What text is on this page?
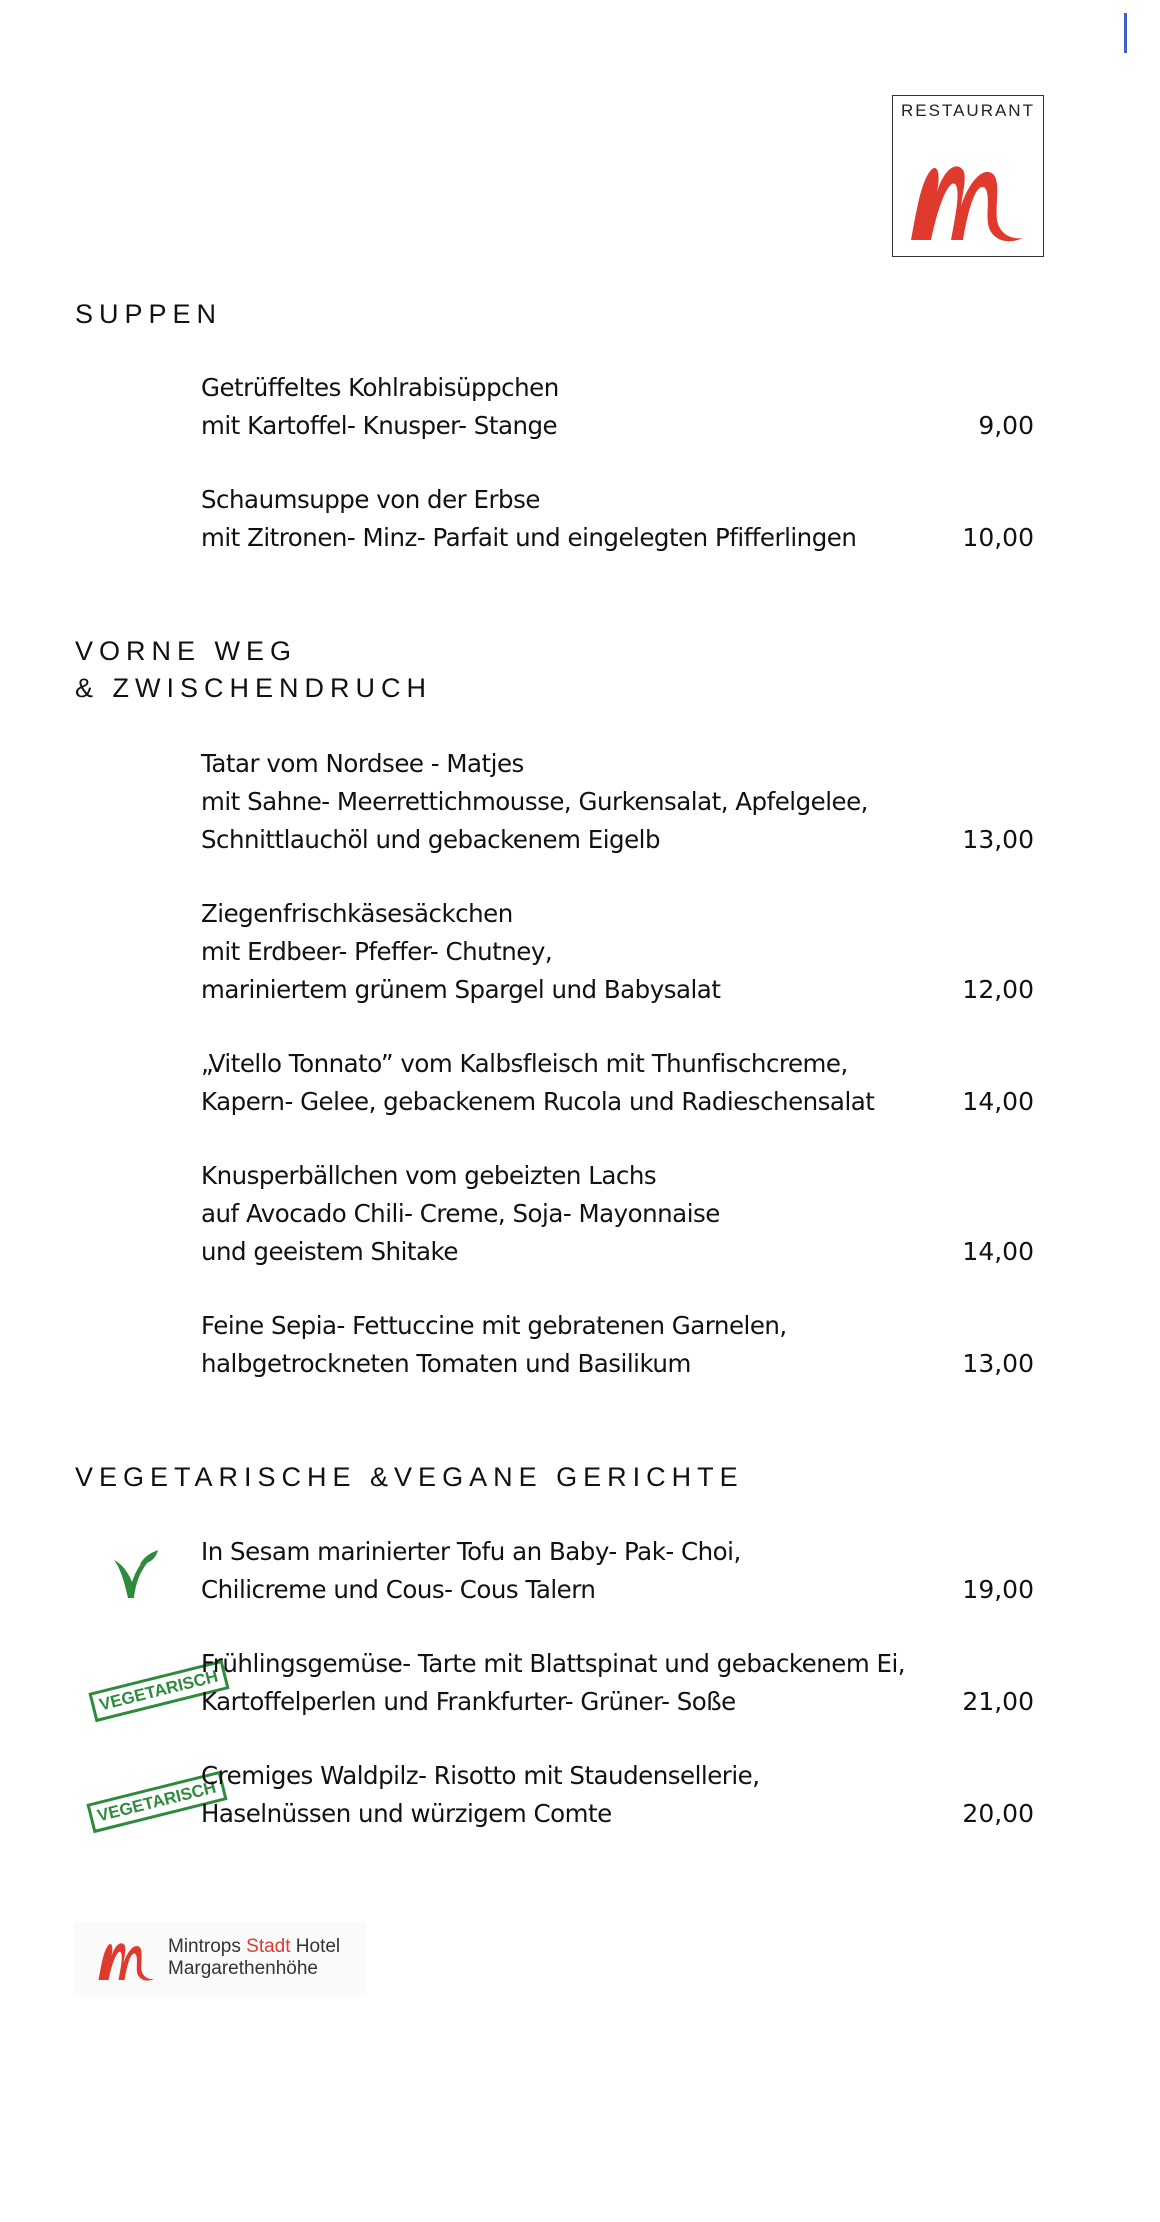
RESTAURANT
SUPPEN
Getrüffeltes Kohlrabisüppchen
mit Kartoffel- Knusper- Stange	9,00
Schaumsuppe von der Erbse
mit Zitronen- Minz- Parfait und eingelegten Pfifferlingen	10,00
VORNE WEG
& ZWISCHENDRUCH
Tatar vom Nordsee - Matjes
mit Sahne- Meerrettichmousse, Gurkensalat, Apfelgelee,
Schnittlauchöl und gebackenem Eigelb	13,00
Ziegenfrischkäsesäckchen
mit Erdbeer- Pfeffer- Chutney,
mariniertem grünem Spargel und Babysalat	12,00
„Vitello Tonnato” vom Kalbsfleisch mit Thunfischcreme,
Kapern- Gelee, gebackenem Rucola und Radieschensalat	14,00
Knusperbällchen vom gebeizten Lachs
auf Avocado Chili- Creme, Soja- Mayonnaise
und geeistem Shitake	14,00
Feine Sepia- Fettuccine mit gebratenen Garnelen,
halbgetrockneten Tomaten und Basilikum	13,00
VEGETARISCHE &VEGANE GERICHTE
In Sesam marinierter Tofu an Baby- Pak- Choi,
Chilicreme und Cous- Cous Talern	19,00
VEGETARISCH
Frühlingsgemüse- Tarte mit Blattspinat und gebackenem Ei,
Kartoffelperlen und Frankfurter- Grüner- Soße	21,00
VEGETARISCH
Cremiges Waldpilz- Risotto mit Staudensellerie,
Haselnüssen und würzigem Comte	20,00
Mintrops Stadt Hotel
Margarethenhöhe
